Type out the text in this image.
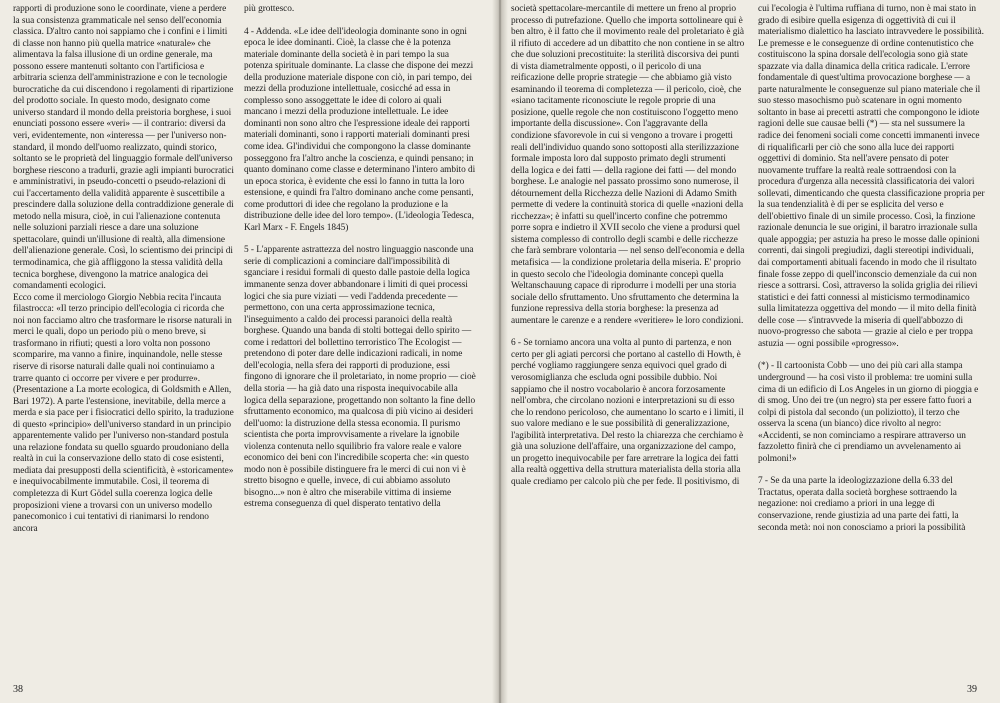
rapporti di produzione sono le coordinate, viene a perdere la sua consistenza grammaticale nel senso dell'economia classica. D'altro canto noi sappiamo che i confini e i limiti di classe non hanno più quella matrice «naturale» che alimentava la falsa illusione di un ordine generale, ma possono essere mantenuti soltanto con l'artificiosa e arbitraria scienza dell'amministrazione e con le tecnologie burocratiche da cui discendono i regolamenti di ripartizione del prodotto sociale. In questo modo, designato come universo standard il mondo della preistoria borghese, i suoi enunciati possono essere «veri» — il contrario: diversi da veri, evidentemente, non «interessa — per l'universo non-standard, il mondo dell'uomo realizzato, quindi storico, soltanto se le proprietà del linguaggio formale dell'universo borghese riescono a tradurli, grazie agli impianti burocratici e amministrativi, in pseudo-concetti o pseudo-relazioni di cui l'accertamento della validità apparente è suscettibile a prescindere dalla soluzione della contraddizione generale di metodo nella misura, cioè, in cui l'alienazione contenuta nelle soluzioni parziali riesce a dare una soluzione spettacolare, quindi un'illusione di realtà, alla dimensione dell'alienazione generale. Così, lo scientismo dei principi di termodinamica, che già affliggono la stessa validità della tecnica borghese, divengono la matrice analogica dei comandamenti ecologici.

Ecco come il merciologo Giorgio Nebbia recita l'incauta filastrocca: «Il terzo principio dell'ecologia ci ricorda che noi non facciamo altro che trasformare le risorse naturali in merci le quali, dopo un periodo più o meno breve, si trasformano in rifiuti; questi a loro volta non possono scomparire, ma vanno a finire, inquinandole, nelle stesse riserve di risorse naturali dalle quali noi continuiamo a trarre quanto ci occorre per vivere e per produrre». (Presentazione a La morte ecologica, di Goldsmith e Allen, Bari 1972). A parte l'estensione, inevitabile, della merce a merda e sia pace per i fisiocratici dello spirito, la traduzione di questo «principio» dell'universo standard in un principio apparentemente valido per l'universo non-standard postula una relazione fondata su quello sguardo proudoniano della realtà in cui la conservazione dello stato di cose esistenti, mediata dai presupposti della scientificità, è «storicamente» e inequivocabilmente immutabile. Così, il teorema di completezza di Kurt Gödel sulla coerenza logica delle proposizioni viene a trovarsi con un universo modello panecomonico i cui tentativi di rianimarsi lo rendono ancora

più grottesco.

4 - Addenda. «Le idee dell'ideologia dominante sono in ogni epoca le idee dominanti. Cioè, la classe che è la potenza materiale dominante della società è in pari tempo la sua potenza spirituale dominante. La classe che dispone dei mezzi della produzione materiale dispone con ciò, in pari tempo, dei mezzi della produzione intellettuale, cosicché ad essa in complesso sono assoggettate le idee di coloro ai quali mancano i mezzi della produzione intellettuale. Le idee dominanti non sono altro che l'espressione ideale dei rapporti materiali dominanti, sono i rapporti materiali dominanti presi come idea. Gl'individui che compongono la classe dominante posseggono fra l'altro anche la coscienza, e quindi pensano; in quanto dominano come classe e determinano l'intero ambito di un epoca storica, è evidente che essi lo fanno in tutta la loro estensione, e quindi fra l'altro dominano anche come pensanti, come produttori di idee che regolano la produzione e la distribuzione delle idee del loro tempo». (L'ideologia Tedesca, Karl Marx - F. Engels 1845)

5 - L'apparente astrattezza del nostro linguaggio nasconde una serie di complicazioni a cominciare dall'impossibilità di sganciare i residui formali di questo dalle pastoie della logica immanente senza dover abbandonare i limiti di quei processi logici che sia pure viziati — vedi l'addenda precedente — permettono, con una certa approssimazione tecnica, l'inseguimento a caldo dei processi paranoici della realtà borghese. Quando una banda di stolti bottegai dello spirito — come i redattori del bollettino terroristico The Ecologist — pretendono di poter dare delle indicazioni radicali, in nome dell'ecologia, nella sfera dei rapporti di produzione, essi fingono di ignorare che il proletariato, in nome proprio — cioè della storia — ha già dato una risposta inequivocabile alla logica della separazione, progettando non soltanto la fine dello sfruttamento economico, ma qualcosa di più vicino ai desideri dell'uomo: la distruzione della stessa economia. Il purismo scientista che porta improvvisamente a rivelare la ignobile violenza contenuta nello squilibrio fra valore reale e valore economico dei beni con l'incredibile scoperta che: «in questo modo non è possibile distinguere fra le merci di cui non vi è stretto bisogno e quelle, invece, di cui abbiamo assoluto bisogno...» non è altro che miserabile vittima di insieme estrema conseguenza di quel disperato tentativo della

38

società spettacolare-mercantile di mettere un freno al proprio processo di putrefazione. Quello che importa sottolineare qui è ben altro, è il fatto che il movimento reale del proletariato è già il rifiuto di accedere ad un dibattito che non contiene in se altro che due soluzioni precostituite: la sterilità discorsiva dei punti di vista diametralmente opposti, o il pericolo di una reificazione delle proprie strategie — che abbiamo già visto esaminando il teorema di completezza — il pericolo, cioè, che «siano tacitamente riconosciute le regole proprie di una posizione, quelle regole che non costituiscono l'oggetto meno importante della discussione». Con l'aggravante della condizione sfavorevole in cui si vengono a trovare i progetti reali dell'individuo quando sono sottoposti alla sterilizzazione formale imposta loro dal supposto primato degli strumenti della logica e dei fatti — della ragione dei fatti — del mondo borghese. Le analogie nel passato prossimo sono numerose, il détournement della Ricchezza delle Nazioni di Adamo Smith permette di vedere la continuità storica di quelle «nazioni della ricchezza»; è infatti su quell'incerto confine che potremmo porre sopra e indietro il XVII secolo che viene a prodursi quel sistema complesso di controllo degli scambi e delle ricchezze che farà sembrare volontaria — nel senso dell'economia e della metafisica — la condizione proletaria della miseria. E' proprio in questo secolo che l'ideologia dominante concepì quella Weltanschauung capace di riprodurre i modelli per una storia sociale dello sfruttamento. Uno sfruttamento che determina la funzione repressiva della storia borghese: la presenza ad aumentare le carenze e a rendere «veritiere» le loro condizioni.

6 - Se torniamo ancora una volta al punto di partenza, e non certo per gli agiati percorsi che portano al castello di Howth, è perché vogliamo raggiungere senza equivoci quel grado di verosomiglianza che escluda ogni possibile dubbio. Noi sappiamo che il nostro vocabolario è ancora forzosamente nell'ombra, che circolano nozioni e interpretazioni su di esso che lo rendono pericoloso, che aumentano lo scarto e i limiti, il suo valore mediano e le sue possibilità di generalizzazione, l'agibilità interpretativa. Del resto la chiarezza che cerchiamo è già una soluzione dell'affaire, una organizzazione del campo, un progetto inequivocabile per fare arretrare la logica dei fatti alla realtà oggettiva della struttura materialista della storia alla quale crediamo per calcolo più che per fede. Il positivismo, di

cui l'ecologia è l'ultima ruffiana di turno, non è mai stato in grado di esibire quella esigenza di oggettività di cui il materialismo dialettico ha lasciato intravvedere le possibilità. Le premesse e le conseguenze di ordine contenutistico che costituiscono la spina dorsale dell'ecologia sono già state spazzate via dalla dinamica della critica radicale. L'errore fondamentale di quest'ultima provocazione borghese — a parte naturalmente le conseguenze sul piano materiale che il suo stesso masochismo può scatenare in ogni momento soltanto in base ai precetti astratti che compongono le idiote ragioni delle sue causae belli (*) — sta nel sussumere la radice dei fenomeni sociali come concetti immanenti invece di riqualificarli per ciò che sono alla luce dei rapporti oggettivi di dominio. Sta nell'avere pensato di poter nuovamente truffare la realtà reale sottraendosi con la procedura d'urgenza alla necessità classificatoria dei valori sollevati, dimenticando che questa classificazione propria per la sua tendenzialità è di per se esplicita del verso e dell'obiettivo finale di un simile processo. Così, la finzione razionale denuncia le sue origini, il baratro irrazionale sulla quale appoggia; per astuzia ha preso le mosse dalle opinioni correnti, dai singoli pregiudizi, dagli stereotipi individuali, dai comportamenti abituali facendo in modo che il risultato finale fosse zeppo di quell'inconscio demenziale da cui non riesce a sottrarsi. Così, attraverso la solida griglia dei rilievi statistici e dei fatti connessi al misticismo termodinamico sulla limitatezza oggettiva del mondo — il mito della finità delle cose — s'intravvede la miseria di quell'abbozzo di nuovo-progresso che sabota — grazie al cielo e per troppa astuzia — ogni possibile «progresso».

(*) - Il cartoonista Cobb — uno dei più cari alla stampa underground — ha così visto il problema: tre uomini sulla cima di un edificio di Los Angeles in un giorno di pioggia e di smog. Uno dei tre (un negro) sta per essere fatto fuori a colpi di pistola dal secondo (un poliziotto), il terzo che osserva la scena (un bianco) dice rivolto al negro: «Accidenti, se non cominciamo a respirare attraverso un fazzoletto finirà che ci prendiamo un avvelenamento ai polmoni!»

7 - Se da una parte la ideologizzazione della 6.33 del Tractatus, operata dalla società borghese sottraendo la negazione: noi crediamo a priori in una legge di conservazione, rende giustizia ad una parte dei fatti, la seconda metà: noi non conosciamo a priori la possibilità

39
